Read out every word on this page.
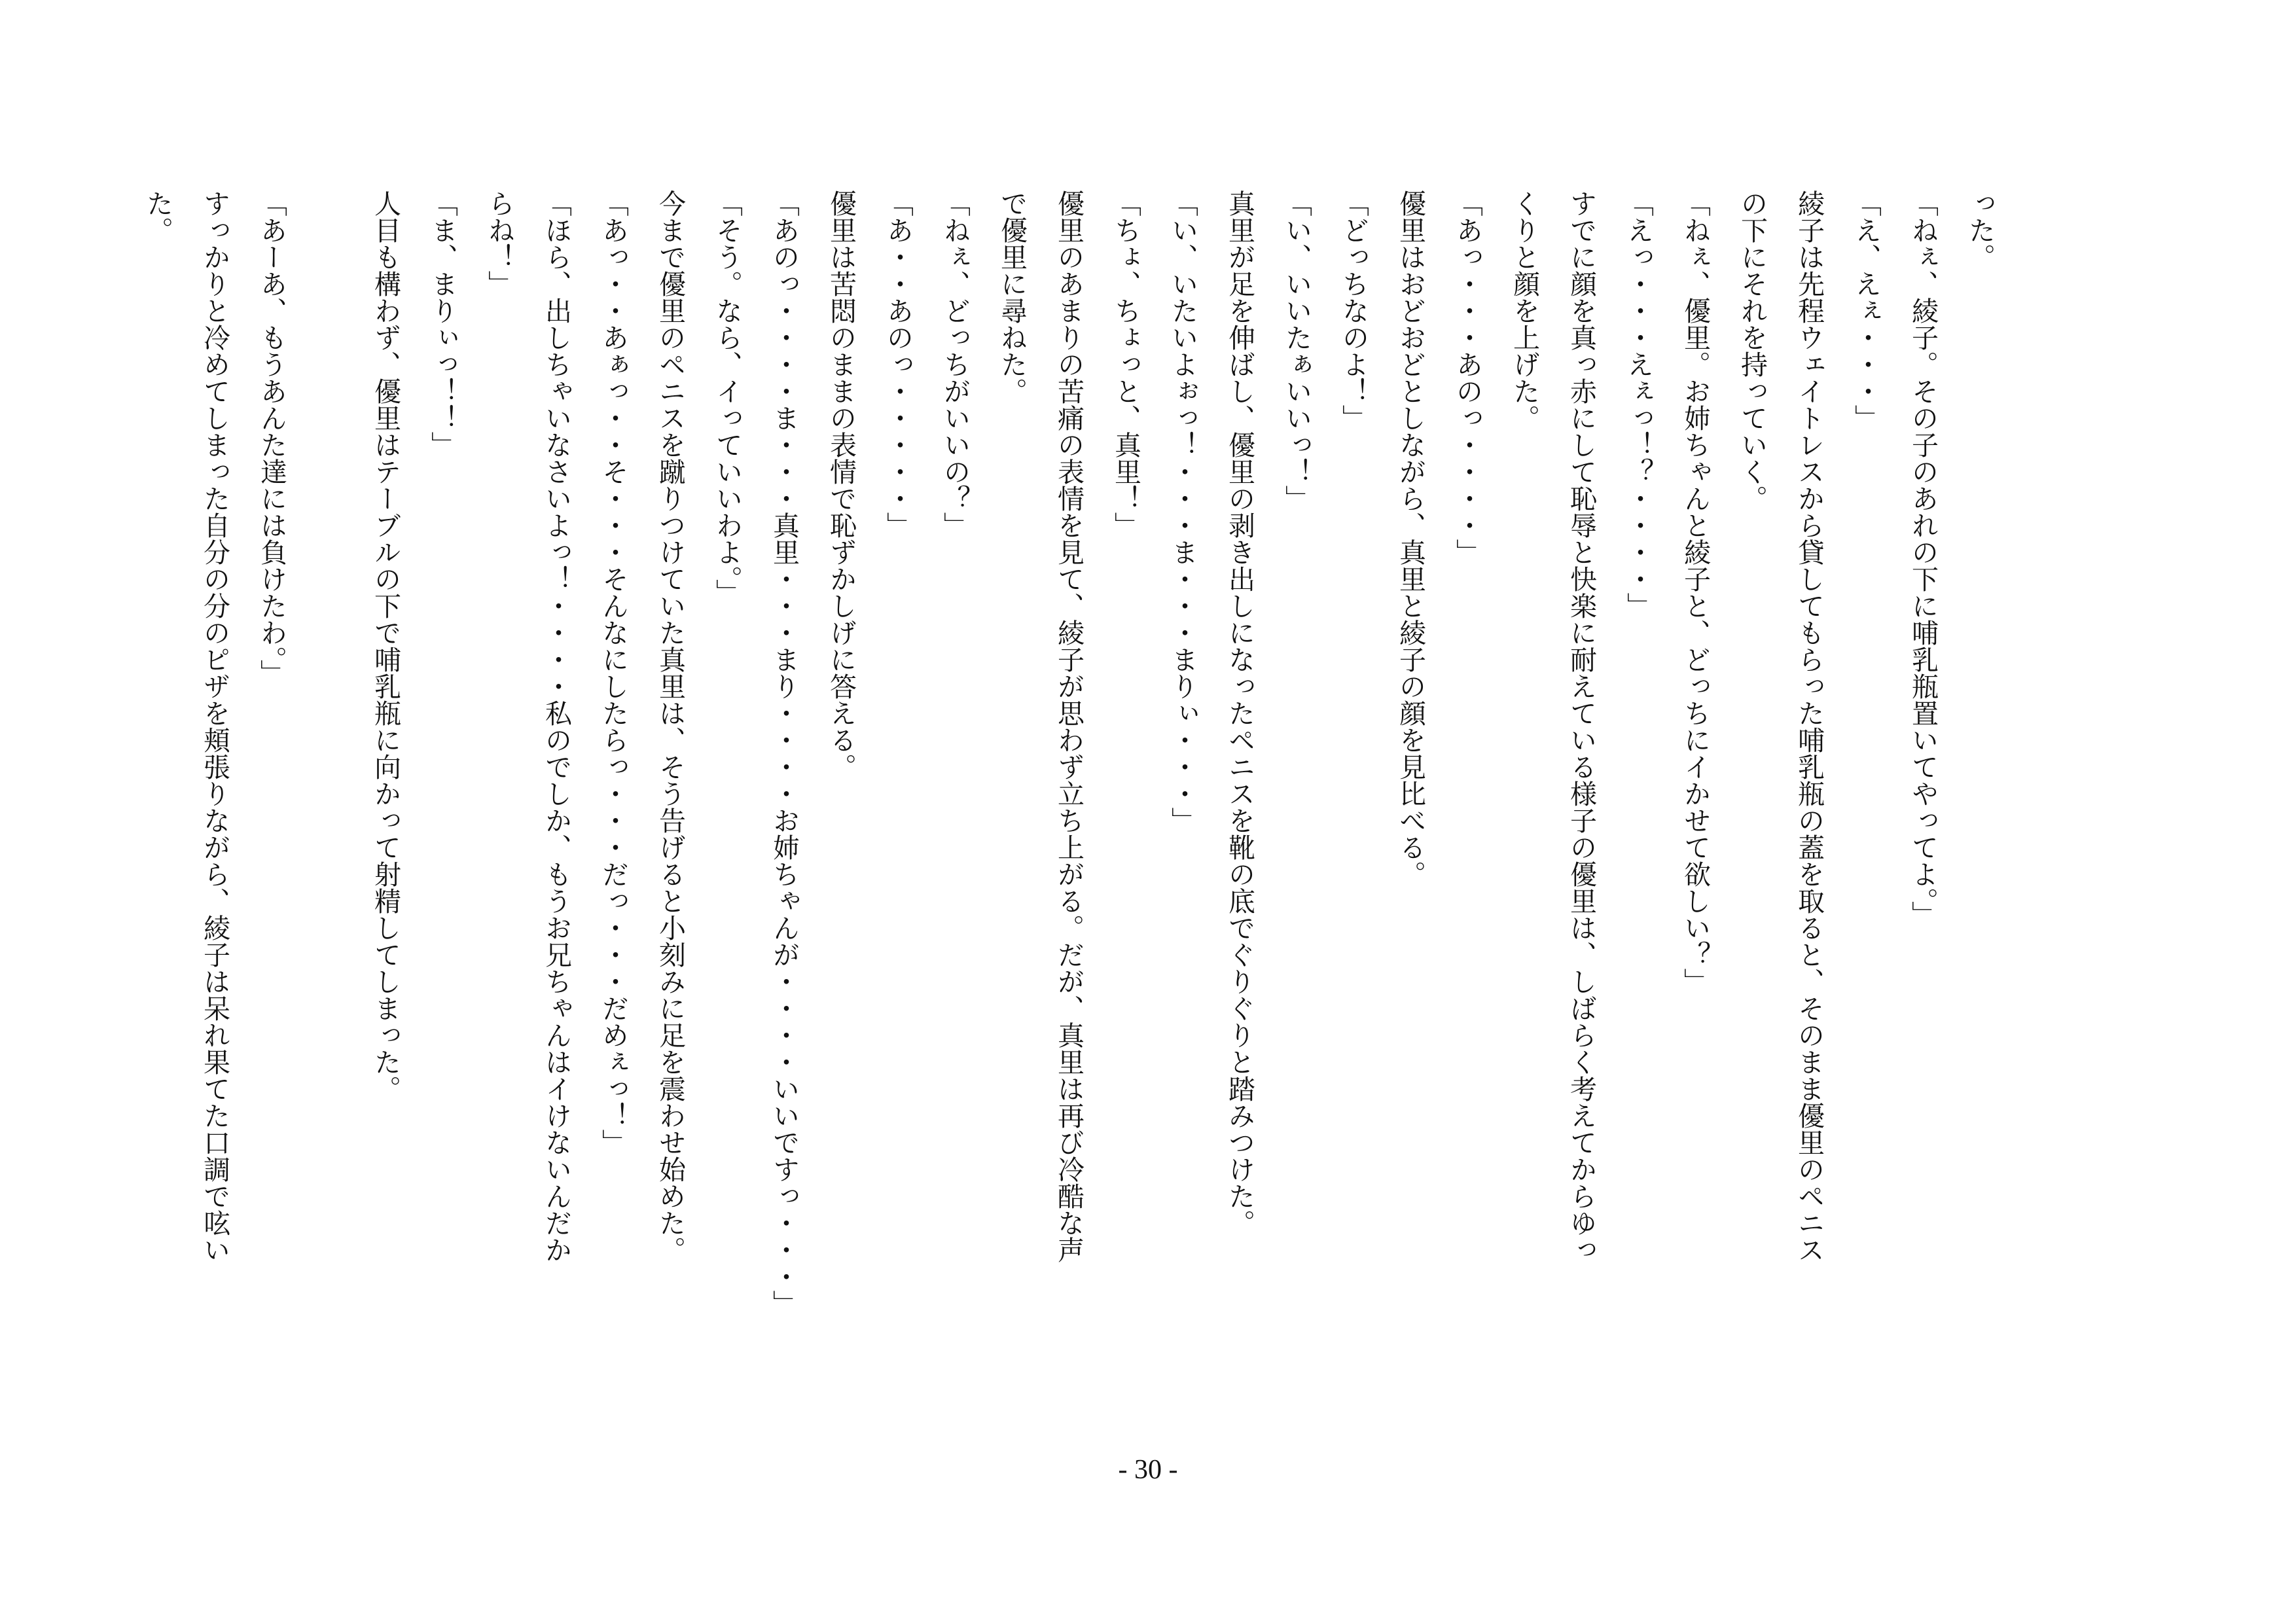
った。

「ねぇ、綾子。その子のあれの下に哺乳瓶置いてやってよ。」

「え、えぇ・・・」

綾子は先程ウェイトレスから貸してもらった哺乳瓶の蓋を取ると、そのまま優里のペニス

の下にそれを持っていく。

「ねぇ、優里。お姉ちゃんと綾子と、どっちにイかせて欲しい？」

「えっ・・・えぇっ！？・・・・」

すでに顔を真っ赤にして恥辱と快楽に耐えている様子の優里は、しばらく考えてからゆっ

くりと顔を上げた。

「あっ・・・あのっ・・・・」

優里はおどおどとしながら、真里と綾子の顔を見比べる。

「どっちなのよ！」

「い、いいたぁいいっ！」

真里が足を伸ばし、優里の剥き出しになったペニスを靴の底でぐりぐりと踏みつけた。

「い、いたいよぉっ！・・・ま・・・まりぃ・・・」

「ちょ、ちょっと、真里！」

優里のあまりの苦痛の表情を見て、綾子が思わず立ち上がる。だが、真里は再び冷酷な声

で優里に尋ねた。

「ねぇ、どっちがいいの？」

「あ・・あのっ・・・・・」

優里は苦悶のままの表情で恥ずかしげに答える。

「あのっ・・・・ま・・・真里・・・まり・・・・お姉ちゃんが・・・・いいですっ・・・」

「そう。なら、イっていいわよ。」

今まで優里のペニスを蹴りつけていた真里は、そう告げると小刻みに足を震わせ始めた。

「あっ・・あぁっ・・そ・・・そんなにしたらっ・・・だっ・・・だめぇっ！」

「ほら、出しちゃいなさいよっ！・・・・私のでしか、もうお兄ちゃんはイけないんだか

らね！」

「ま、まりぃっ！！」

人目も構わず、優里はテーブルの下で哺乳瓶に向かって射精してしまった。

「あーあ、もうあんた達には負けたわ。」

すっかりと冷めてしまった自分の分のピザを頬張りながら、綾子は呆れ果てた口調で呟い

た。

- 30 -
